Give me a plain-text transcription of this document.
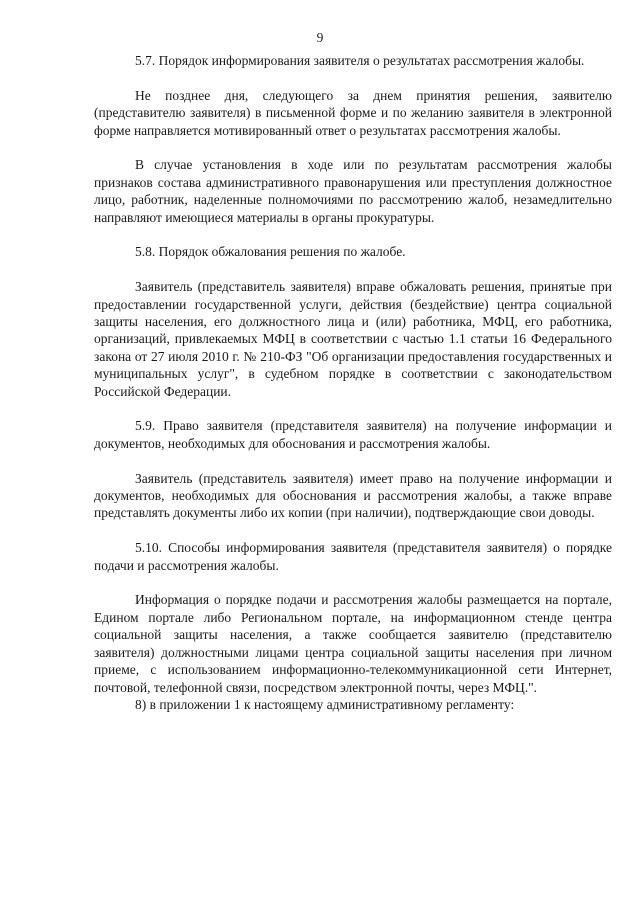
9

5.7. Порядок информирования заявителя о результатах рассмотрения жалобы.

Не позднее дня, следующего за днем принятия решения, заявителю (представителю заявителя) в письменной форме и по желанию заявителя в электронной форме направляется мотивированный ответ о результатах рассмотрения жалобы.

В случае установления в ходе или по результатам рассмотрения жалобы признаков состава административного правонарушения или преступления должностное лицо, работник, наделенные полномочиями по рассмотрению жалоб, незамедлительно направляют имеющиеся материалы в органы прокуратуры.

5.8. Порядок обжалования решения по жалобе.

Заявитель (представитель заявителя) вправе обжаловать решения, принятые при предоставлении государственной услуги, действия (бездействие) центра социальной защиты населения, его должностного лица и (или) работника, МФЦ, его работника, организаций, привлекаемых МФЦ в соответствии с частью 1.1 статьи 16 Федерального закона от 27 июля 2010 г. № 210-ФЗ "Об организации предоставления государственных и муниципальных услуг", в судебном порядке в соответствии с законодательством Российской Федерации.

5.9. Право заявителя (представителя заявителя) на получение информации и документов, необходимых для обоснования и рассмотрения жалобы.

Заявитель (представитель заявителя) имеет право на получение информации и документов, необходимых для обоснования и рассмотрения жалобы, а также вправе представлять документы либо их копии (при наличии), подтверждающие свои доводы.

5.10. Способы информирования заявителя (представителя заявителя) о порядке подачи и рассмотрения жалобы.

Информация о порядке подачи и рассмотрения жалобы размещается на портале, Едином портале либо Региональном портале, на информационном стенде центра социальной защиты населения, а также сообщается заявителю (представителю заявителя) должностными лицами центра социальной защиты населения при личном приеме, с использованием информационно-телекоммуникационной сети Интернет, почтовой, телефонной связи, посредством электронной почты, через МФЦ.".

8) в приложении 1 к настоящему административному регламенту:
